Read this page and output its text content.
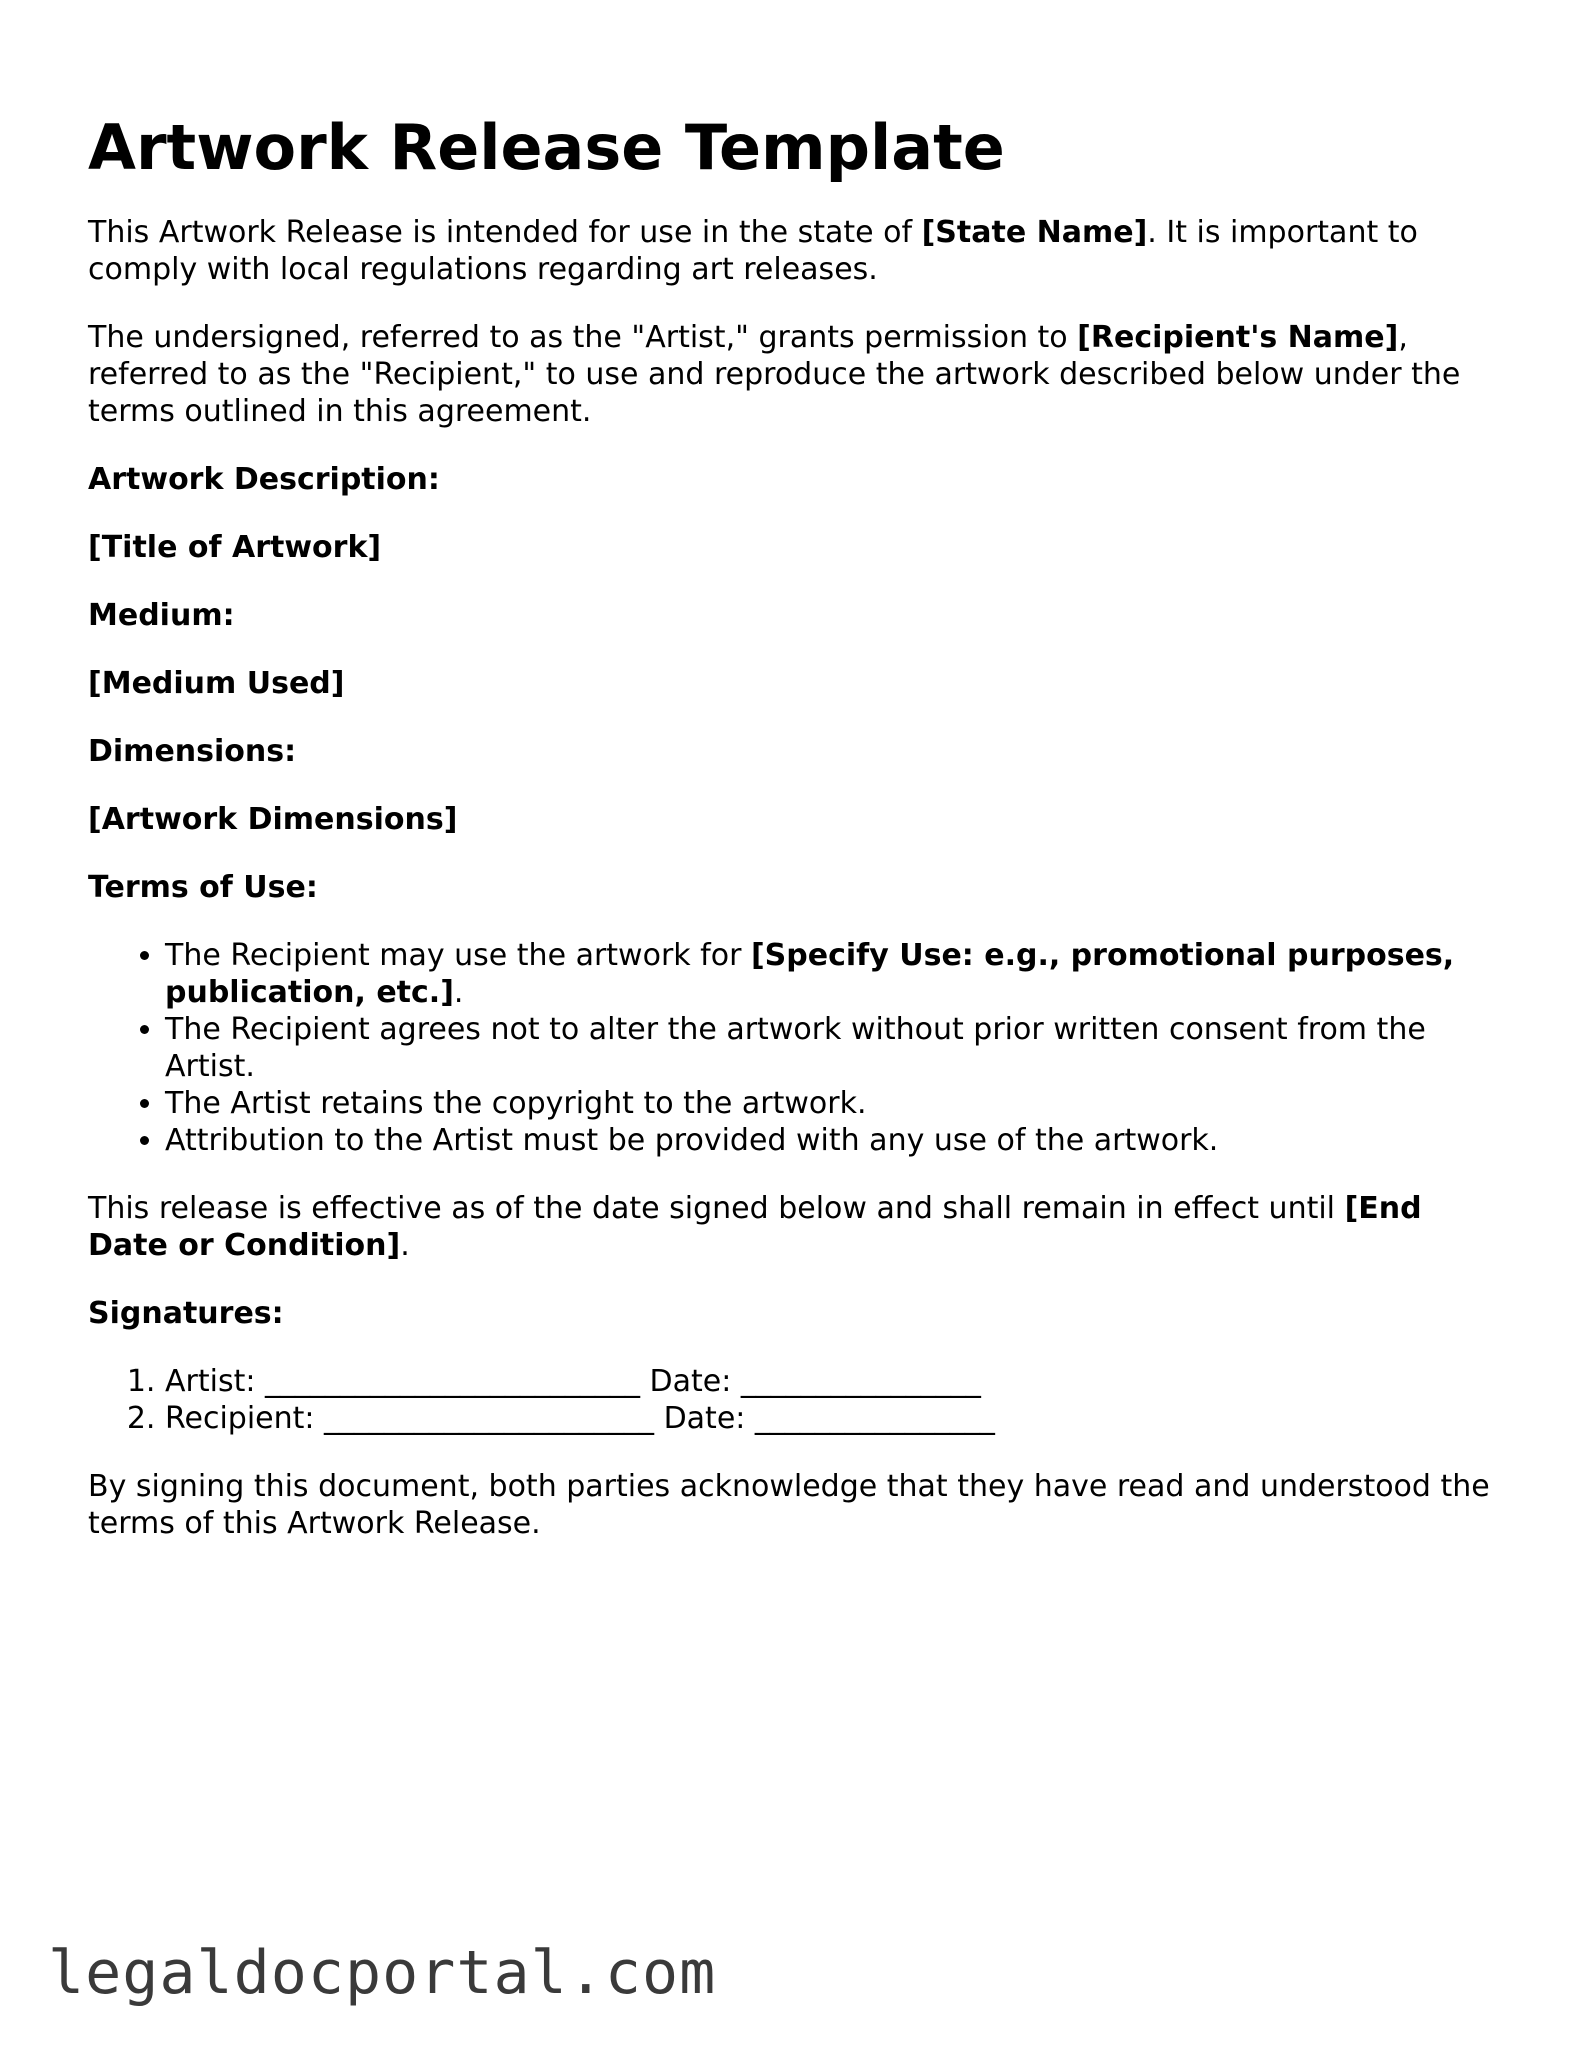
Artwork Release Template

This Artwork Release is intended for use in the state of [State Name]. It is important to comply with local regulations regarding art releases.

The undersigned, referred to as the "Artist," grants permission to [Recipient's Name], referred to as the "Recipient," to use and reproduce the artwork described below under the terms outlined in this agreement.

Artwork Description:

[Title of Artwork]

Medium:

[Medium Used]

Dimensions:

[Artwork Dimensions]

Terms of Use:

• The Recipient may use the artwork for [Specify Use: e.g., promotional purposes, publication, etc.].
• The Recipient agrees not to alter the artwork without prior written consent from the Artist.
• The Artist retains the copyright to the artwork.
• Attribution to the Artist must be provided with any use of the artwork.

This release is effective as of the date signed below and shall remain in effect until [End Date or Condition].

Signatures:

1. Artist: _________________________ Date: ________________
2. Recipient: ______________________ Date: ________________

By signing this document, both parties acknowledge that they have read and understood the terms of this Artwork Release.

legaldocportal.com
